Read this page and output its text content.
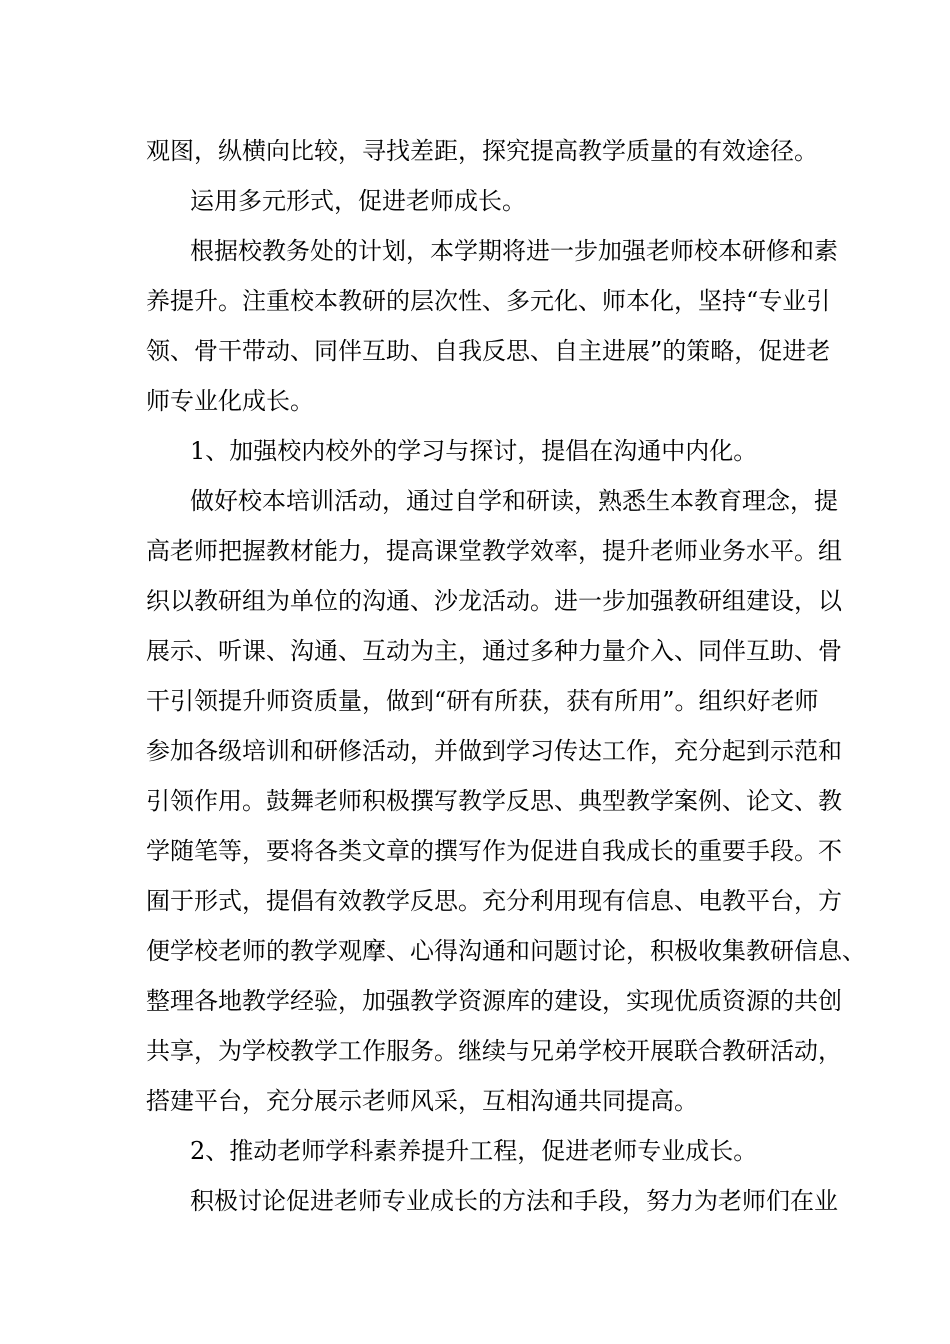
观图，纵横向比较，寻找差距，探究提高教学质量的有效途径。
运用多元形式，促进老师成长。
根据校教务处的计划，本学期将进一步加强老师校本研修和素
养提升。注重校本教研的层次性、多元化、师本化，坚持“专业引
领、骨干带动、同伴互助、自我反思、自主进展”的策略，促进老
师专业化成长。
1、加强校内校外的学习与探讨，提倡在沟通中内化。
做好校本培训活动，通过自学和研读，熟悉生本教育理念，提
高老师把握教材能力，提高课堂教学效率，提升老师业务水平。组
织以教研组为单位的沟通、沙龙活动。进一步加强教研组建设，以
展示、听课、沟通、互动为主，通过多种力量介入、同伴互助、骨
干引领提升师资质量，做到“研有所获，获有所用”。组织好老师
参加各级培训和研修活动，并做到学习传达工作，充分起到示范和
引领作用。鼓舞老师积极撰写教学反思、典型教学案例、论文、教
学随笔等，要将各类文章的撰写作为促进自我成长的重要手段。不
囿于形式，提倡有效教学反思。充分利用现有信息、电教平台，方
便学校老师的教学观摩、心得沟通和问题讨论，积极收集教研信息、
整理各地教学经验，加强教学资源库的建设，实现优质资源的共创
共享，为学校教学工作服务。继续与兄弟学校开展联合教研活动，
搭建平台，充分展示老师风采，互相沟通共同提高。
2、推动老师学科素养提升工程，促进老师专业成长。
积极讨论促进老师专业成长的方法和手段，努力为老师们在业
